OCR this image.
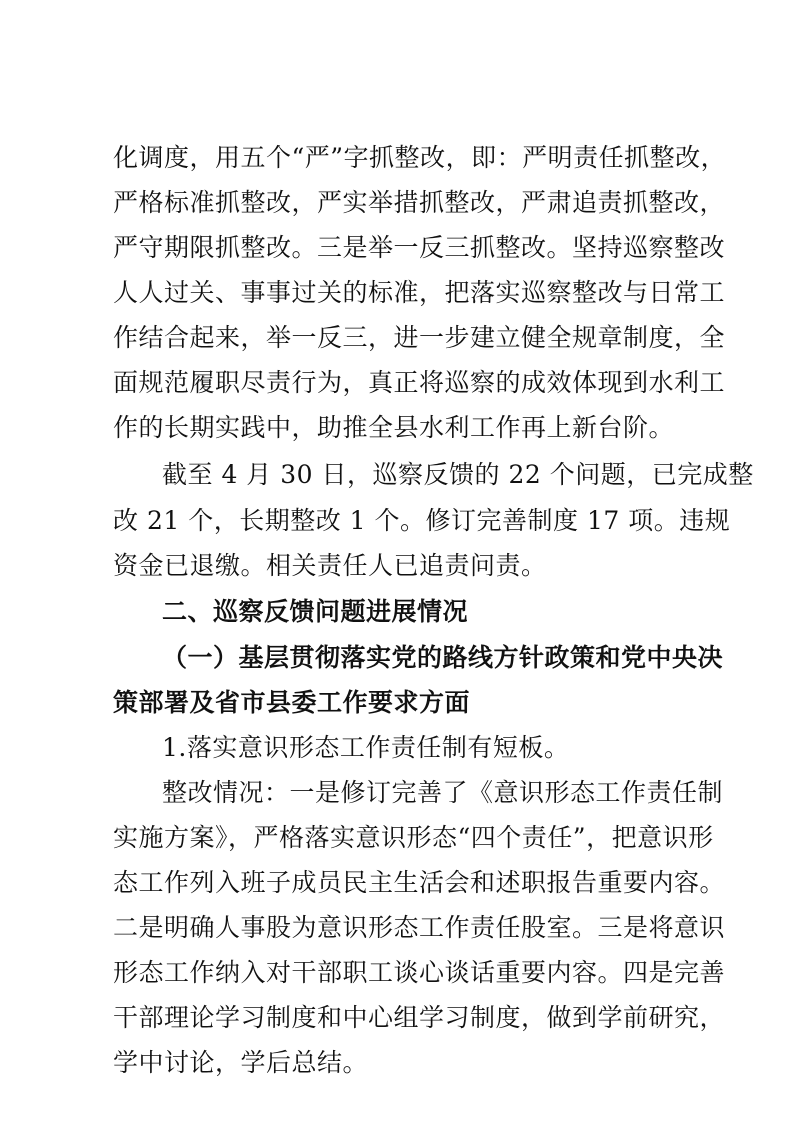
化调度，用五个“严”字抓整改，即：严明责任抓整改，
严格标准抓整改，严实举措抓整改，严肃追责抓整改，
严守期限抓整改。三是举一反三抓整改。坚持巡察整改
人人过关、事事过关的标准，把落实巡察整改与日常工
作结合起来，举一反三，进一步建立健全规章制度，全
面规范履职尽责行为，真正将巡察的成效体现到水利工
作的长期实践中，助推全县水利工作再上新台阶。
截至 4 月 30 日，巡察反馈的 22 个问题，已完成整
改 21 个，长期整改 1 个。修订完善制度 17 项。违规
资金已退缴。相关责任人已追责问责。
二、巡察反馈问题进展情况
（一）基层贯彻落实党的路线方针政策和党中央决
策部署及省市县委工作要求方面
1.落实意识形态工作责任制有短板。
整改情况：一是修订完善了《意识形态工作责任制
实施方案》，严格落实意识形态“四个责任”，把意识形
态工作列入班子成员民主生活会和述职报告重要内容。
二是明确人事股为意识形态工作责任股室。三是将意识
形态工作纳入对干部职工谈心谈话重要内容。四是完善
干部理论学习制度和中心组学习制度，做到学前研究，
学中讨论，学后总结。
